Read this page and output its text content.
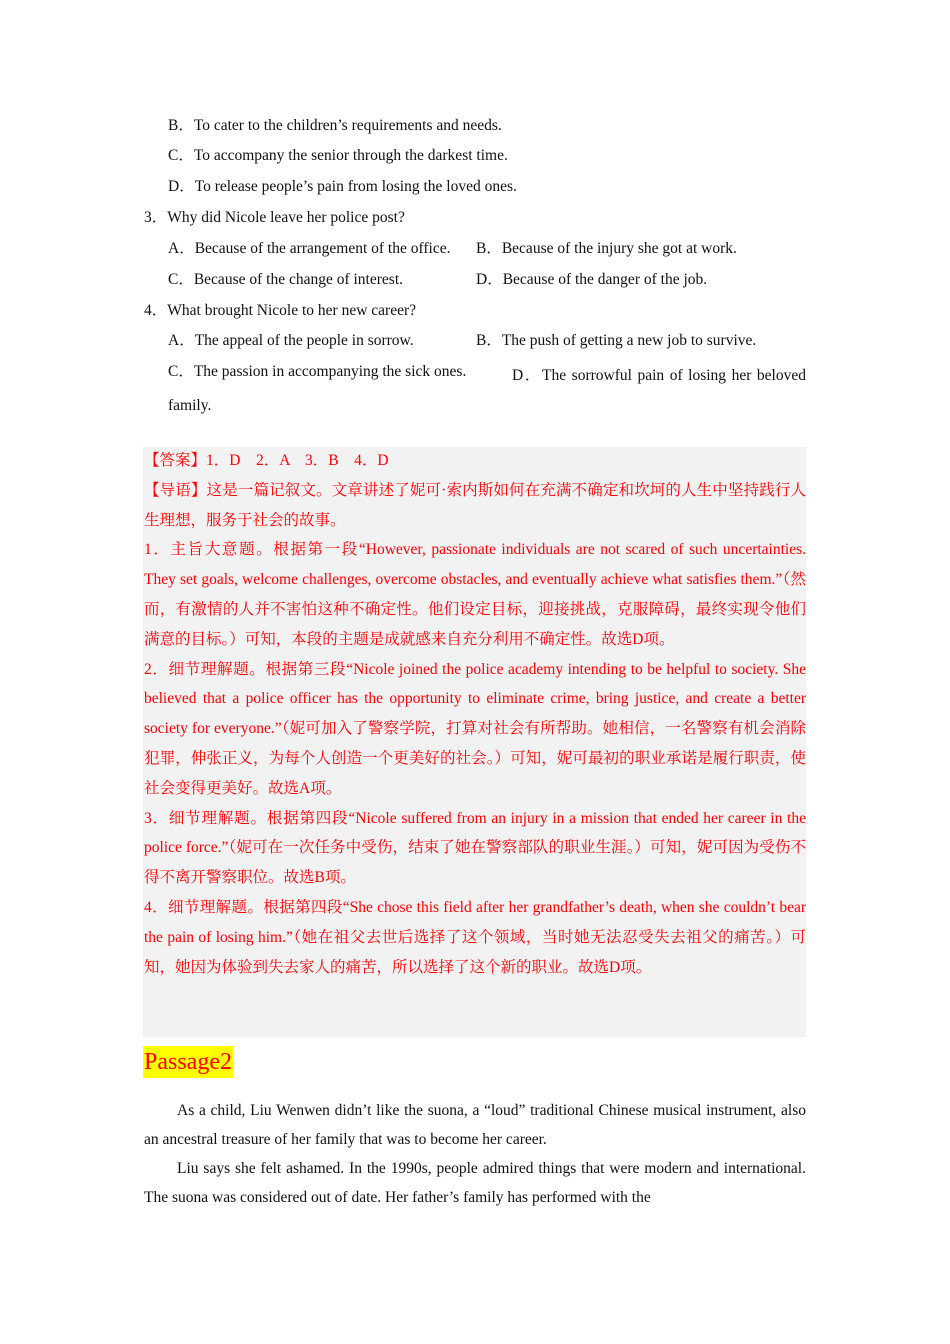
B．To cater to the children’s requirements and needs.
C．To accompany the senior through the darkest time.
D．To release people’s pain from losing the loved ones.
3．Why did Nicole leave her police post?
A．Because of the arrangement of the office. B．Because of the injury she got at work.
C．Because of the change of interest.	D．Because of the danger of the job.
4．What brought Nicole to her new career?
A．The appeal of the people in sorrow.	B．The push of getting a new job to survive.
C．The passion in accompanying the sick ones.	D．The sorrowful pain of losing her beloved family.

【答案】1．D　2．A　3．B　4．D

【导语】这是一篇记叙文。文章讲述了妮可·索内斯如何在充满不确定和坎坷的人生中坚持践行人生理想，服务于社会的故事。

1．主旨大意题。根据第一段“However, passionate individuals are not scared of such uncertainties. They set goals, welcome challenges, overcome obstacles, and eventually achieve what satisfies them.”（然而，有激情的人并不害怕这种不确定性。他们设定目标，迎接挑战，克服障碍，最终实现令他们满意的目标。）可知，本段的主题是成就感来自充分利用不确定性。故选D项。

2．细节理解题。根据第三段“Nicole joined the police academy intending to be helpful to society. She believed that a police officer has the opportunity to eliminate crime, bring justice, and create a better society for everyone.”（妮可加入了警察学院，打算对社会有所帮助。她相信，一名警察有机会消除犯罪，伸张正义，为每个人创造一个更美好的社会。）可知，妮可最初的职业承诺是履行职责，使社会变得更美好。故选A项。

3．细节理解题。根据第四段“Nicole suffered from an injury in a mission that ended her career in the police force.”（妮可在一次任务中受伤，结束了她在警察部队的职业生涯。）可知，妮可因为受伤不得不离开警察职位。故选B项。

4．细节理解题。根据第四段“She chose this field after her grandfather’s death, when she couldn’t bear the pain of losing him.”（她在祖父去世后选择了这个领域，当时她无法忍受失去祖父的痛苦。）可知，她因为体验到失去家人的痛苦，所以选择了这个新的职业。故选D项。

Passage2

As a child, Liu Wenwen didn’t like the suona, a “loud” traditional Chinese musical instrument, also an ancestral treasure of her family that was to become her career.

Liu says she felt ashamed. In the 1990s, people admired things that were modern and international. The suona was considered out of date. Her father’s family has performed with the
